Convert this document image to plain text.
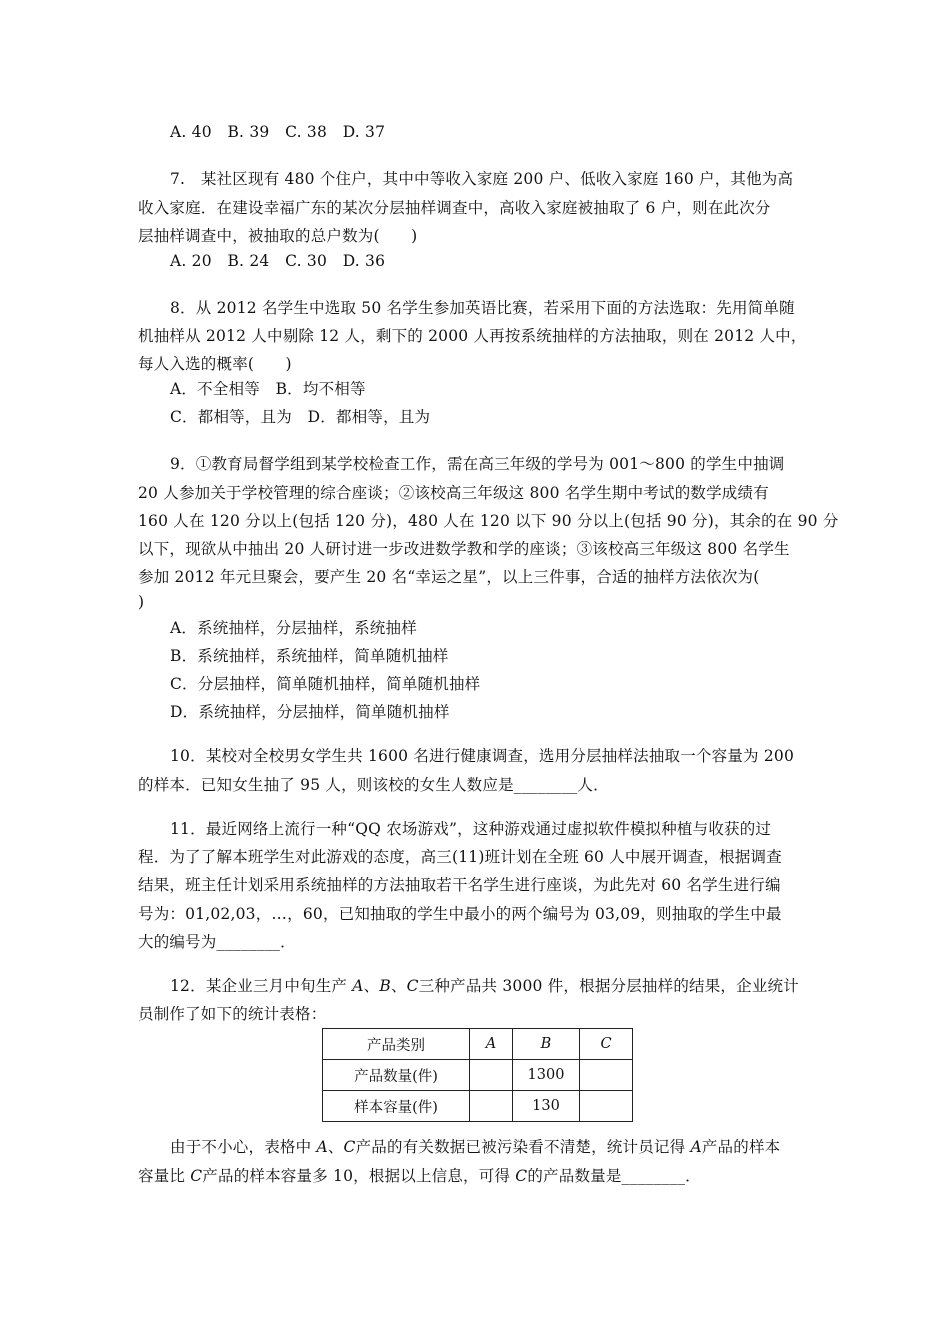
A. 40　B. 39　C. 38　D. 37
7.　某社区现有 480 个住户，其中中等收入家庭 200 户、低收入家庭 160 户，其他为高
收入家庭．在建设幸福广东的某次分层抽样调查中，高收入家庭被抽取了 6 户，则在此次分
层抽样调查中，被抽取的总户数为(　　)
A. 20　B. 24　C. 30　D. 36
8．从 2012 名学生中选取 50 名学生参加英语比赛，若采用下面的方法选取：先用简单随
机抽样从 2012 人中剔除 12 人，剩下的 2000 人再按系统抽样的方法抽取，则在 2012 人中，
每人入选的概率(　　)
A．不全相等　B．均不相等
C．都相等，且为　D．都相等，且为
9．①教育局督学组到某学校检查工作，需在高三年级的学号为 001～800 的学生中抽调
20 人参加关于学校管理的综合座谈；②该校高三年级这 800 名学生期中考试的数学成绩有
160 人在 120 分以上(包括 120 分)，480 人在 120 以下 90 分以上(包括 90 分)，其余的在 90 分
以下，现欲从中抽出 20 人研讨进一步改进数学教和学的座谈；③该校高三年级这 800 名学生
参加 2012 年元旦聚会，要产生 20 名“幸运之星”，以上三件事，合适的抽样方法依次为(
)
A．系统抽样，分层抽样，系统抽样
B．系统抽样，系统抽样，简单随机抽样
C．分层抽样，简单随机抽样，简单随机抽样
D．系统抽样，分层抽样，简单随机抽样
10．某校对全校男女学生共 1600 名进行健康调查，选用分层抽样法抽取一个容量为 200
的样本．已知女生抽了 95 人，则该校的女生人数应是________人．
11．最近网络上流行一种“QQ 农场游戏”，这种游戏通过虚拟软件模拟种植与收获的过
程．为了了解本班学生对此游戏的态度，高三(11)班计划在全班 60 人中展开调查，根据调查
结果，班主任计划采用系统抽样的方法抽取若干名学生进行座谈，为此先对 60 名学生进行编
号为：01,02,03，…，60，已知抽取的学生中最小的两个编号为 03,09，则抽取的学生中最
大的编号为________．
12．某企业三月中旬生产 A、B、C三种产品共 3000 件，根据分层抽样的结果，企业统计
员制作了如下的统计表格：
产品类别	A	B	C
产品数量(件)		1300	
样本容量(件)		130	
由于不小心，表格中 A、C产品的有关数据已被污染看不清楚，统计员记得 A产品的样本
容量比 C产品的样本容量多 10，根据以上信息，可得 C的产品数量是________．
